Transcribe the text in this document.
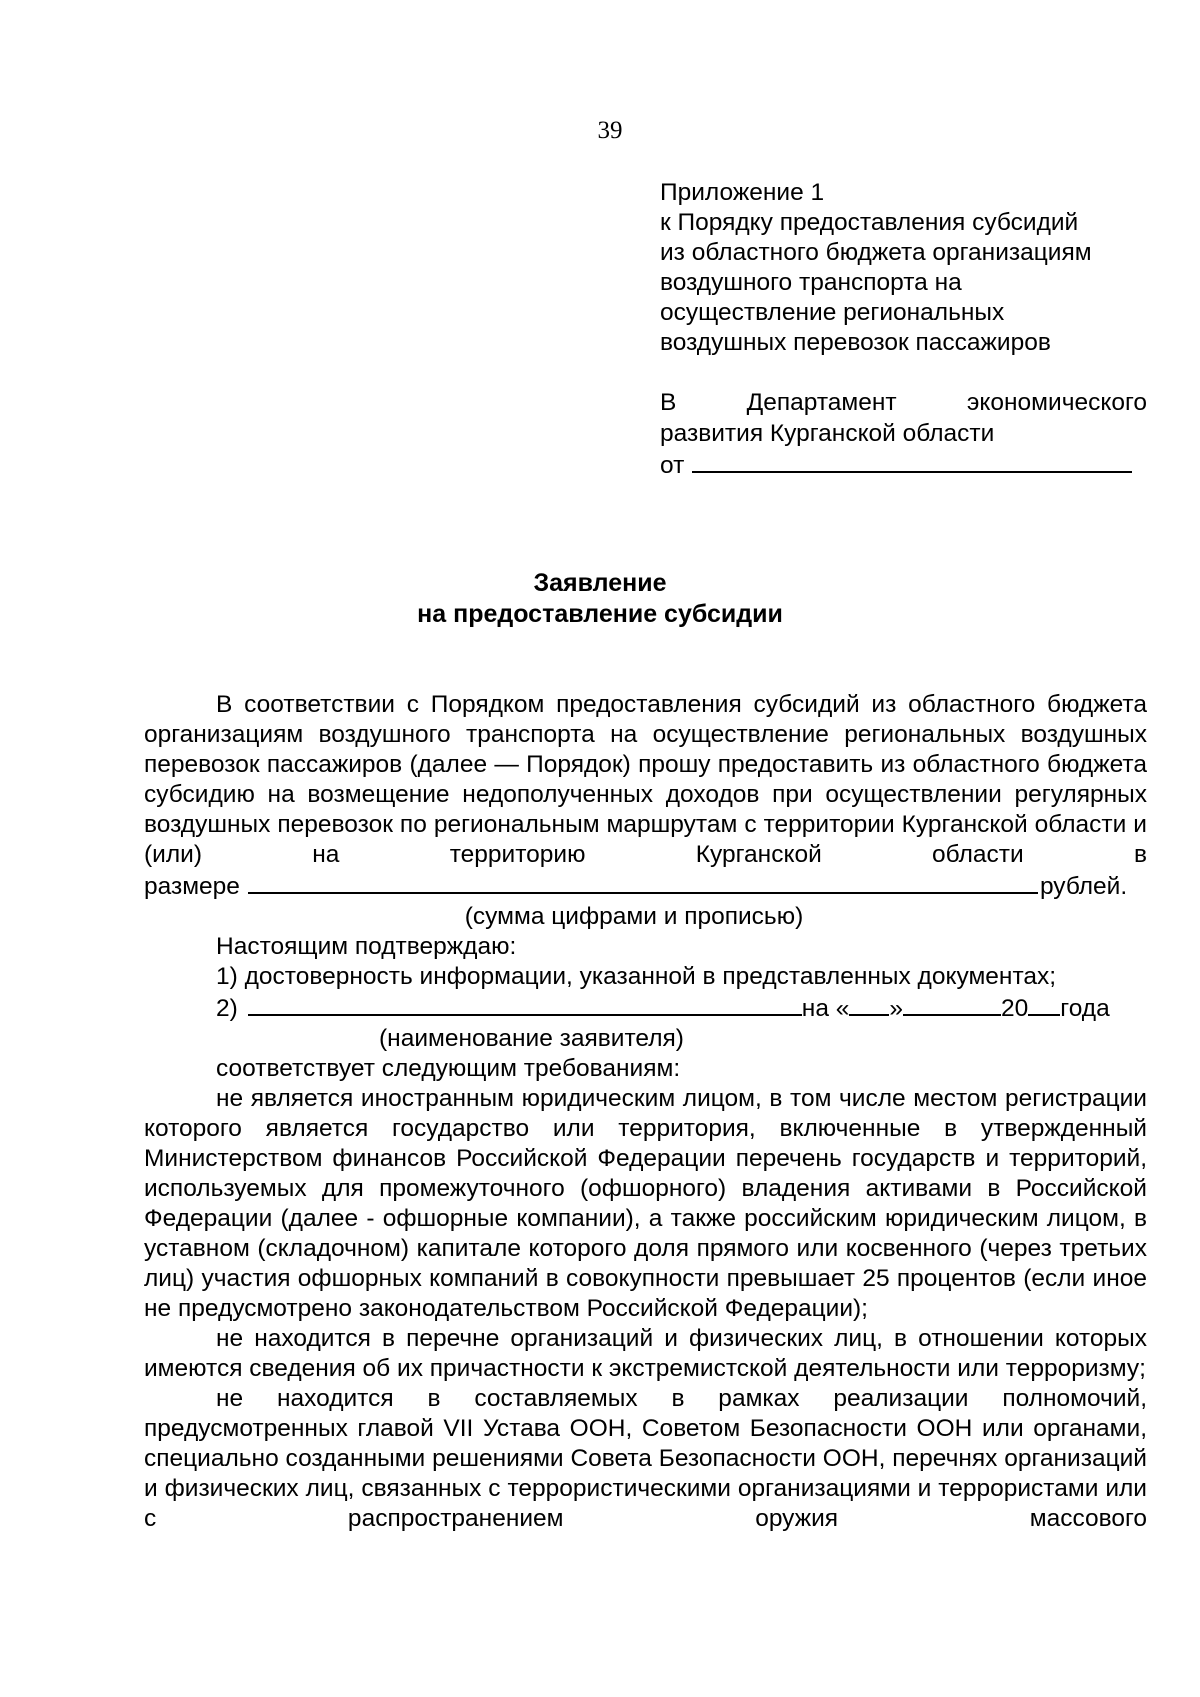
39
Приложение 1
к Порядку предоставления субсидий
из областного бюджета организациям
воздушного транспорта на
осуществление региональных
воздушных перевозок пассажиров
В Департамент экономического
развития Курганской области
от
Заявление
на предоставление субсидии

В соответствии с Порядком предоставления субсидий из областного бюджета организациям воздушного транспорта на осуществление региональных воздушных перевозок пассажиров (далее — Порядок) прошу предоставить из областного бюджета субсидию на возмещение недополученных доходов при осуществлении регулярных воздушных перевозок по региональным маршрутам с территории Курганской области и (или) на территорию Курганской области в

размере	рублей.
(сумма цифрами и прописью)
Настоящим подтверждаю:
1) достоверность информации, указанной в представленных документах;
2)	на « »	20 года
(наименование заявителя)
соответствует следующим требованиям:

не является иностранным юридическим лицом, в том числе местом регистрации которого является государство или территория, включенные в утвержденный Министерством финансов Российской Федерации перечень государств и территорий, используемых для промежуточного (офшорного) владения активами в Российской Федерации (далее - офшорные компании), а также российским юридическим лицом, в уставном (складочном) капитале которого доля прямого или косвенного (через третьих лиц) участия офшорных компаний в совокупности превышает 25 процентов (если иное не предусмотрено законодательством Российской Федерации);

не находится в перечне организаций и физических лиц, в отношении которых имеются сведения об их причастности к экстремистской деятельности или терроризму;

не находится в составляемых в рамках реализации полномочий, предусмотренных главой VII Устава ООН, Советом Безопасности ООН или органами, специально созданными решениями Совета Безопасности ООН, перечнях организаций и физических лиц, связанных с террористическими организациями и террористами или с распространением оружия массового
